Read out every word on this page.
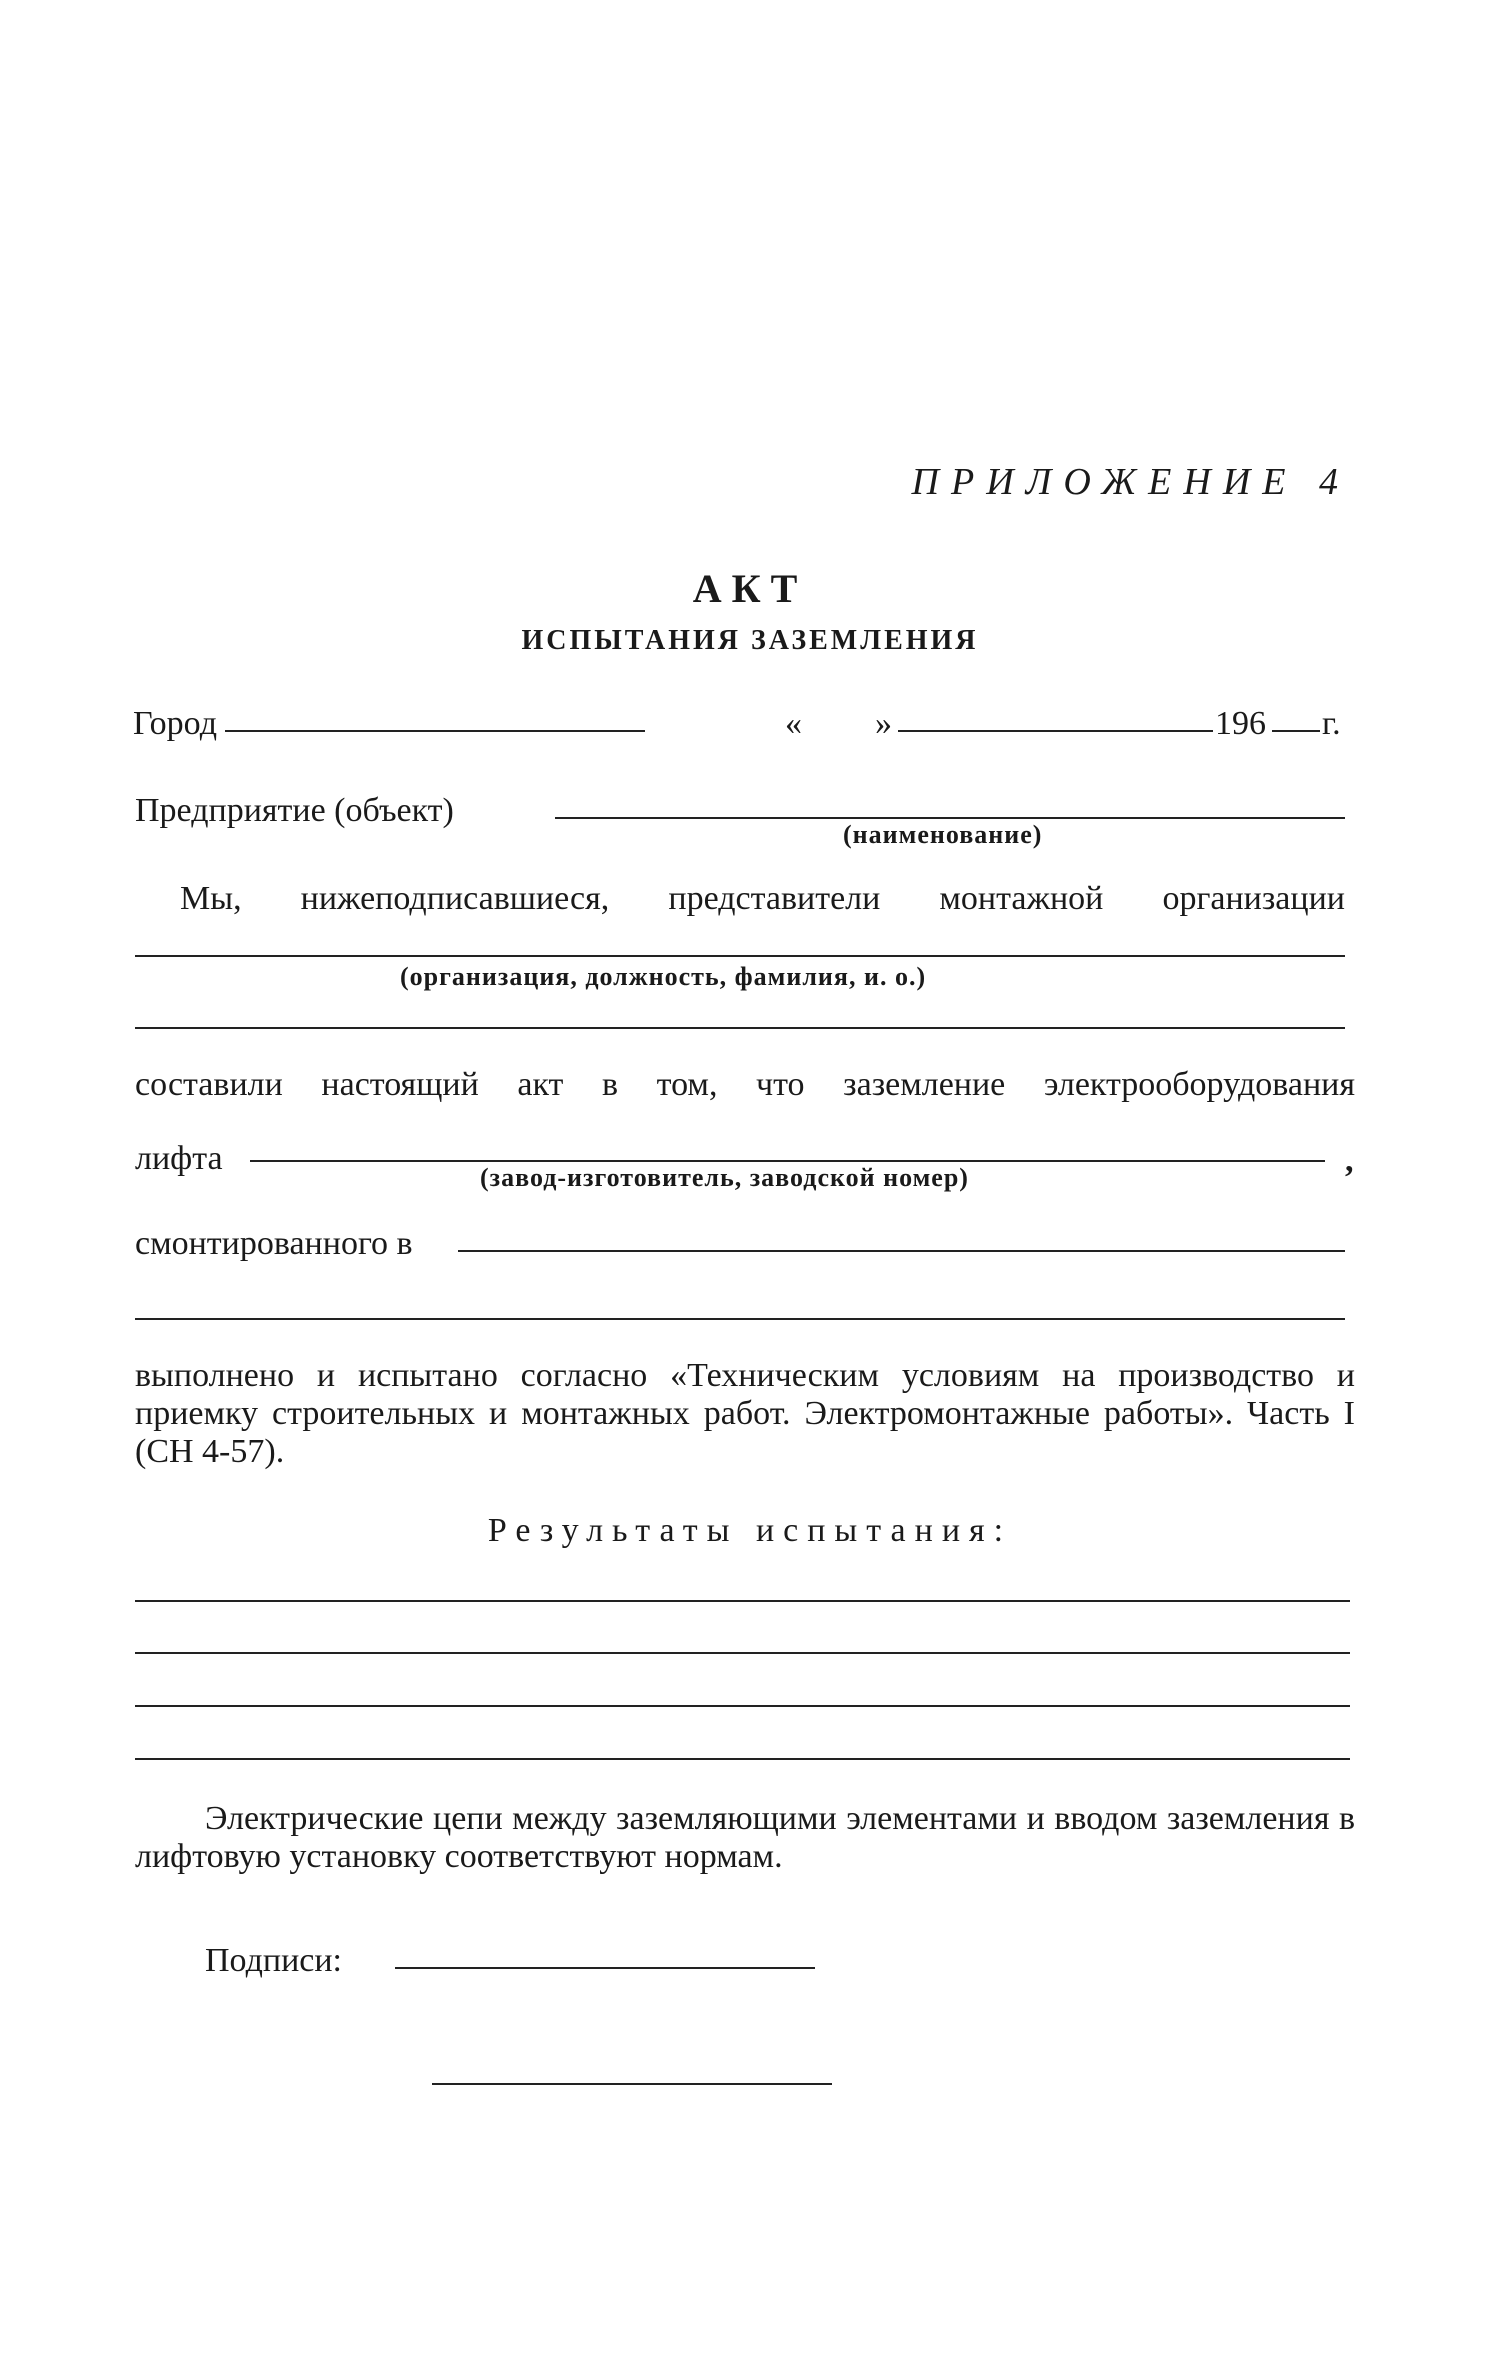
ПРИЛОЖЕНИЕ 4
АКТ
ИСПЫТАНИЯ ЗАЗЕМЛЕНИЯ
Город	« »	196 г.
Предприятие (объект)
(наименование)
Мы, нижеподписавшиеся, представители монтажной организации
(организация, должность, фамилия, и. о.)
составили настоящий акт в том, что заземление электрооборудования
лифта	,
(завод-изготовитель, заводской номер)
смонтированного в
выполнено и испытано согласно «Техническим условиям на производство и приемку строительных и монтажных работ. Электромонтажные работы». Часть I (СН 4-57).
Результаты испытания:
Электрические цепи между заземляющими элементами и вводом заземления в лифтовую установку соответствуют нормам.
Подписи:
